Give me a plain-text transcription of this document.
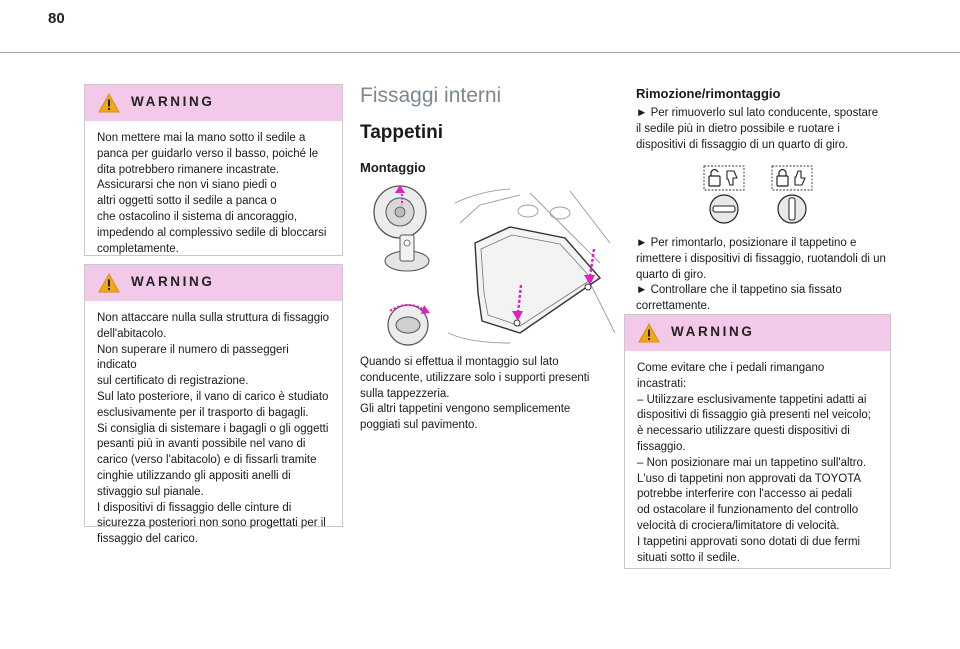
80
WARNING

Non mettere mai la mano sotto il sedile a

panca per guidarlo verso il basso, poiché le

dita potrebbero rimanere incastrate.

Assicurarsi che non vi siano piedi o

altri oggetti sotto il sedile a panca o

che ostacolino il sistema di ancoraggio,

impedendo al complessivo sedile di bloccarsi

completamente.

WARNING

Non attaccare nulla sulla struttura di fissaggio

dell'abitacolo.

Non superare il numero di passeggeri indicato

sul certificato di registrazione.

Sul lato posteriore, il vano di carico è studiato

esclusivamente per il trasporto di bagagli.

Si consiglia di sistemare i bagagli o gli oggetti

pesanti più in avanti possibile nel vano di

carico (verso l'abitacolo) e di fissarli tramite

cinghie utilizzando gli appositi anelli di

stivaggio sul pianale.

I dispositivi di fissaggio delle cinture di

sicurezza posteriori non sono progettati per il

fissaggio del carico.

Fissaggi interni
Tappetini
Montaggio

Quando si effettua il montaggio sul lato

conducente, utilizzare solo i supporti presenti

sulla tappezzeria.

Gli altri tappetini vengono semplicemente

poggiati sul pavimento.

Rimozione/rimontaggio

► Per rimuoverlo sul lato conducente, spostare

il sedile più in dietro possibile e ruotare i

dispositivi di fissaggio di un quarto di giro.

► Per rimontarlo, posizionare il tappetino e

rimettere i dispositivi di fissaggio, ruotandoli di un

quarto di giro.

► Controllare che il tappetino sia fissato

correttamente.

WARNING

Come evitare che i pedali rimangano

incastrati:

– Utilizzare esclusivamente tappetini adatti ai

dispositivi di fissaggio già presenti nel veicolo;

è necessario utilizzare questi dispositivi di

fissaggio.

– Non posizionare mai un tappetino sull'altro.

L'uso di tappetini non approvati da TOYOTA

potrebbe interferire con l'accesso ai pedali

od ostacolare il funzionamento del controllo

velocità di crociera/limitatore di velocità.

I tappetini approvati sono dotati di due fermi

situati sotto il sedile.
